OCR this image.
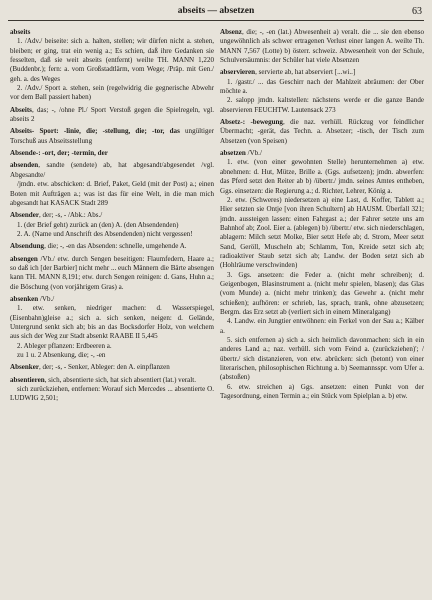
abseits — absetzen	63

abseits

1. /Adv./ beiseite: sich a. halten, stellen; wir dürfen nicht a. stehen, bleiben; er ging, trat ein wenig a.; Es schien, daß ihre Gedanken sie fesselten, daß sie weit abseits (entfernt) weilte TH. MANN 1,220 (Buddenbr.); fern: a. vom Großstadtlärm, vom Wege; /Präp. mit Gen./ geh. a. des Weges

2. /Adv./ Sport a. stehen, sein (regelwidrig die gegnerische Abwehr vor dem Ball passiert haben)

Abseits, das; -, /ohne Pl./ Sport Verstoß gegen die Spielregeln, vgl. abseits 2

Abseits- Sport: -linie, die; -stellung, die; -tor, das ungültiger Torschuß aus Abseitsstellung

Absende-: -ort, der; -termin, der

absenden, sandte (sendete) ab, hat abgesandt/abgesendet /vgl. Abgesandte/

/jmdn. etw. abschicken: d. Brief, Paket, Geld (mit der Post) a.; einen Boten mit Aufträgen a.; was ist das für eine Welt, in die man mich abgesandt hat KASACK Stadt 289

Absender, der; -s, - /Abk.: Abs./

1. (der Brief geht) zurück an (den) A. (den Absendenden)

2. A. (Name und Anschrift des Absendenden) nicht vergessen!

Absendung, die; -, -en das Absenden: schnelle, umgehende A.

absengen /Vb./ etw. durch Sengen beseitigen: Flaumfedern, Haare a.; so daß ich [der Barbier] nicht mehr ... euch Männern die Bärte absengen kann TH. MANN 8,191; etw. durch Sengen reinigen: d. Gans, Huhn a.; die Böschung (von vorjährigem Gras) a.

absenken /Vb./

1. etw. senken, niedriger machen: d. Wasserspiegel, (Eisenbahn)gleise a.; sich a. sich senken, neigen: d. Gelände, Untergrund senkt sich ab; bis an das Bocksdorfer Holz, von welchem aus sich der Weg zur Stadt absenkt RAABE II 5,445

2. Ableger pflanzen: Erdbeeren a.

zu 1 u. 2 Absenkung, die; -, -en

Absenker, der; -s, - Senker, Ableger: den A. einpflanzen

absentieren, sich, absentierte sich, hat sich absentiert (lat.) veralt.

sich zurückziehen, entfernen: Worauf sich Mercedes ... absentierte O. LUDWIG 2,501;

Absenz, die; -, -en (lat.) Abwesenheit a) veralt. die ... sie den ebenso ungewöhnlich als schwer ertragenen Verlust einer langen A. weilte Th. MANN 7,567 (Lotte) b) österr. schweiz. Abwesenheit von der Schule, Schulversäumnis: der Schüler hat viele Absenzen

abservieren, servierte ab, hat abserviert [...wi..]

1. /gastr./ ... das Geschirr nach der Mahlzeit abräumen: der Ober möchte a.

2. salopp jmdn. kaltstellen: nächstens werde er die ganze Bande abservieren FEUCHTW. Lautensack 273

Absetz-: -bewegung, die naz. verhüll. Rückzug vor feindlicher Übermacht; -gerät, das Techn. a. Absetzer; -tisch, der Tisch zum Absetzen (von Speisen)

absetzen /Vb./

1. etw. (von einer gewohnten Stelle) herunternehmen a) etw. abnehmen: d. Hut, Mütze, Brille a. (Ggs. aufsetzen); jmdn. abwerfen: das Pferd setzt den Reiter ab b) /übertr./ jmdn. seines Amtes entheben, Ggs. einsetzen: die Regierung a.; d. Richter, Lehrer, König a.

2. etw. (Schweres) niedersetzen a) eine Last, d. Koffer, Tablett a.; Hier setzten sie Ontje [von ihren Schultern] ab HAUSM. Überfall 321; jmdn. aussteigen lassen: einen Fahrgast a.; der Fahrer setzte uns am Bahnhof ab; Zool. Eier a. (ablegen) b) /übertr./ etw. sich niederschlagen, ablagern: Milch setzt Molke, Bier setzt Hefe ab; d. Strom, Meer setzt Sand, Geröll, Muscheln ab; Schlamm, Ton, Kreide setzt sich ab; radioaktiver Staub setzt sich ab; Landw. der Boden setzt sich ab (Hohlräume verschwinden)

3. Ggs. ansetzen: die Feder a. (nicht mehr schreiben); d. Geigenbogen, Blasinstrument a. (nicht mehr spielen, blasen); das Glas (vom Munde) a. (nicht mehr trinken); das Gewehr a. (nicht mehr schießen); aufhören: er schrieb, las, sprach, trank, ohne abzusetzen; Bergm. das Erz setzt ab (verliert sich in einem Mineralgang)

4. Landw. ein Jungtier entwöhnen: ein Ferkel von der Sau a.; Kälber a.

5. sich entfernen a) sich a. sich heimlich davonmachen: sich in ein anderes Land a.; naz. verhüll. sich vom Feind a. (zurückziehen)'; /übertr./ sich distanzieren, von etw. abrücken: sich (betont) von einer literarischen, philosophischen Richtung a. b) Seemannsspr. vom Ufer a. (abstoßen)

6. etw. streichen a) Ggs. ansetzen: einen Punkt von der Tagesordnung, einen Termin a.; ein Stück vom Spielplan a. b) etw.
